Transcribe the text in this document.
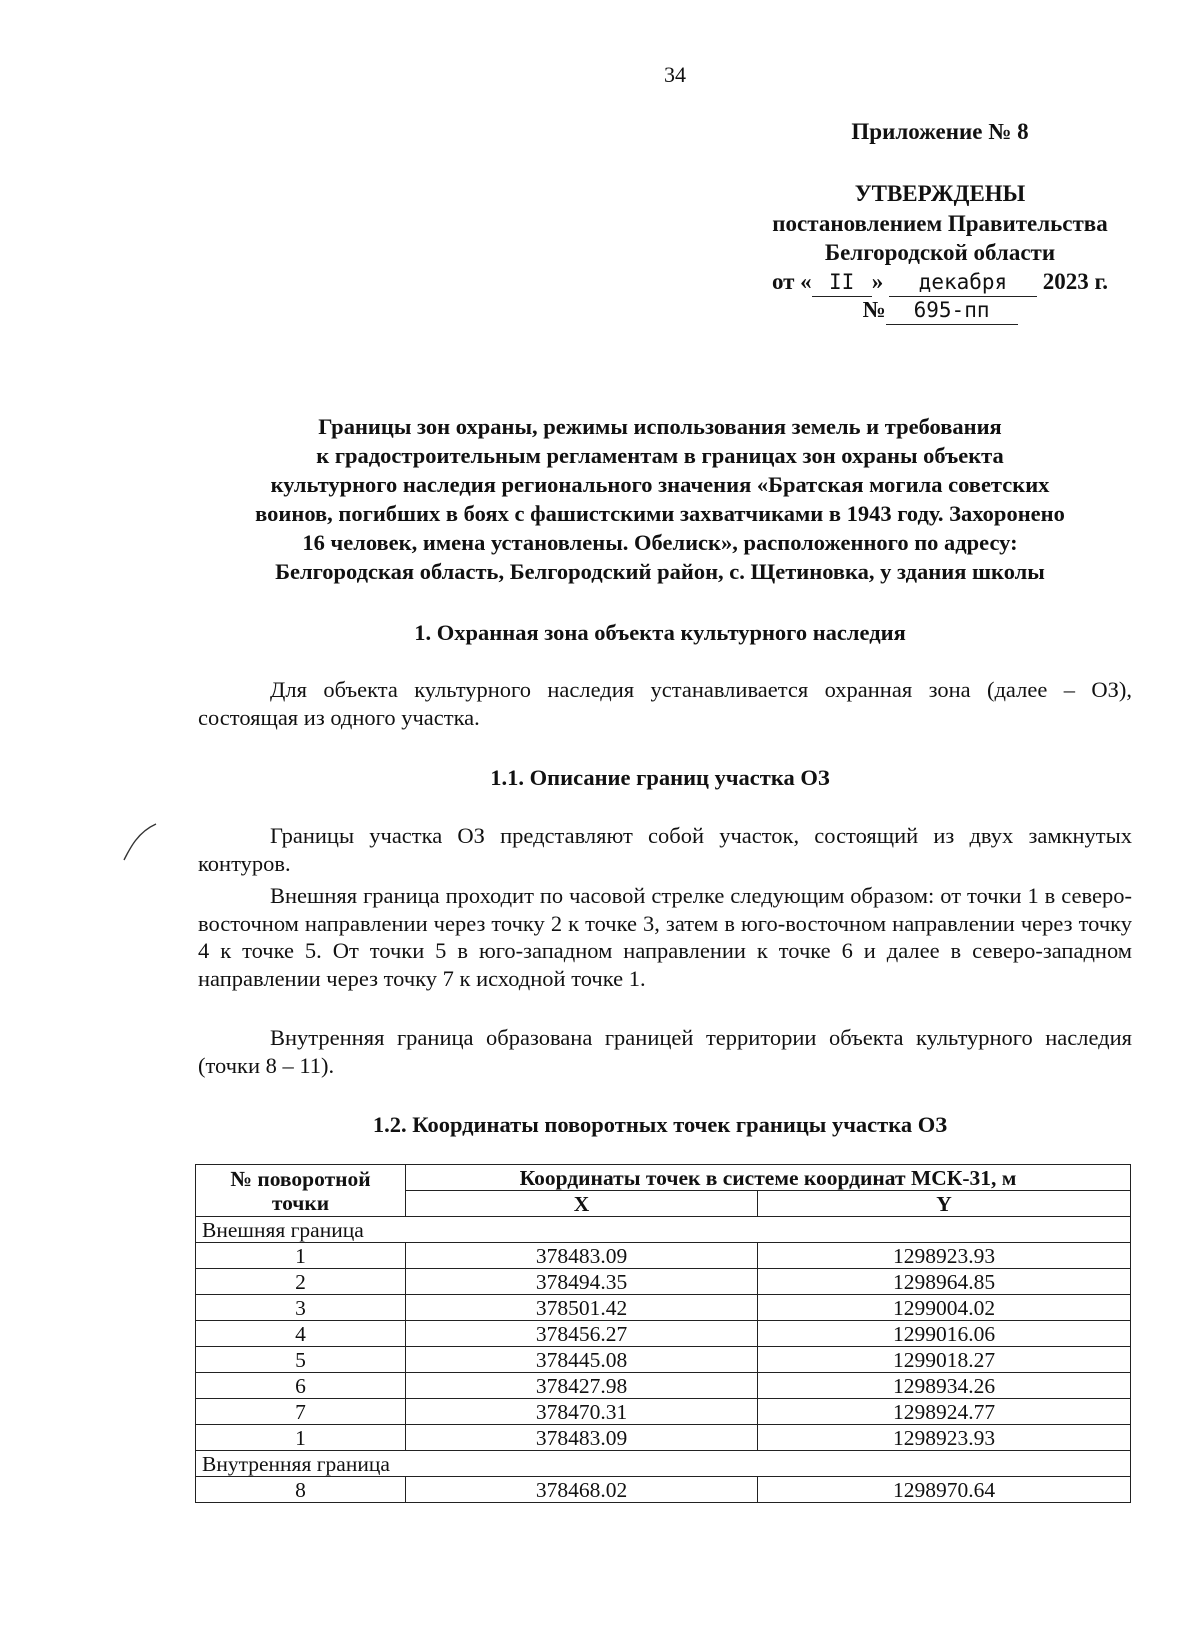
34
Приложение № 8
УТВЕРЖДЕНЫ
постановлением Правительства
Белгородской области
от « II » декабря 2023 г.
№ 695-пп
Границы зон охраны, режимы использования земель и требования
к градостроительным регламентам в границах зон охраны объекта
культурного наследия регионального значения «Братская могила советских
воинов, погибших в боях с фашистскими захватчиками в 1943 году. Захоронено
16 человек, имена установлены. Обелиск», расположенного по адресу:
Белгородская область, Белгородский район, с. Щетиновка, у здания школы
1. Охранная зона объекта культурного наследия
Для объекта культурного наследия устанавливается охранная зона (далее – ОЗ), состоящая из одного участка.
1.1. Описание границ участка ОЗ
Границы участка ОЗ представляют собой участок, состоящий из двух замкнутых контуров.
Внешняя граница проходит по часовой стрелке следующим образом: от точки 1 в северо-восточном направлении через точку 2 к точке 3, затем в юго-восточном направлении через точку 4 к точке 5. От точки 5 в юго-западном направлении к точке 6 и далее в северо-западном направлении через точку 7 к исходной точке 1.
Внутренняя граница образована границей территории объекта культурного наследия (точки 8 – 11).
1.2. Координаты поворотных точек границы участка ОЗ
№ поворотной точки	Координаты точек в системе координат МСК-31, м	
	X	Y
Внешняя граница		
1	378483.09	1298923.93
2	378494.35	1298964.85
3	378501.42	1299004.02
4	378456.27	1299016.06
5	378445.08	1299018.27
6	378427.98	1298934.26
7	378470.31	1298924.77
1	378483.09	1298923.93
Внутренняя граница		
8	378468.02	1298970.64
